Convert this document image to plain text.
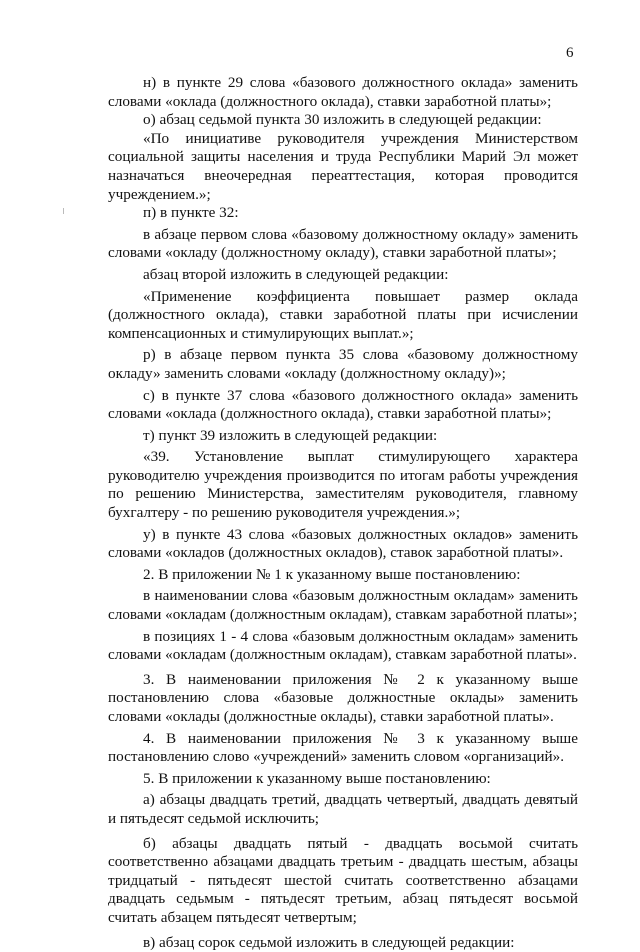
6

н) в пункте 29 слова «базового должностного оклада» заменить словами «оклада (должностного оклада), ставки заработной платы»;

о) абзац седьмой пункта 30 изложить в следующей редакции:

«По инициативе руководителя учреждения Министерством социальной защиты населения и труда Республики Марий Эл может назначаться внеочередная переаттестация, которая проводится учреждением.»;

п) в пункте 32:

в абзаце первом слова «базовому должностному окладу» заменить словами «окладу (должностному окладу), ставки заработной платы»;

абзац второй изложить в следующей редакции:

«Применение коэффициента повышает размер оклада (должностного оклада), ставки заработной платы при исчислении компенсационных и стимулирующих выплат.»;

р) в абзаце первом пункта 35 слова «базовому должностному окладу» заменить словами «окладу (должностному окладу)»;

с) в пункте 37 слова «базового должностного оклада» заменить словами «оклада (должностного оклада), ставки заработной платы»;

т) пункт 39 изложить в следующей редакции:

«39. Установление выплат стимулирующего характера руководителю учреждения производится по итогам работы учреждения по решению Министерства, заместителям руководителя, главному бухгалтеру - по решению руководителя учреждения.»;

у) в пункте 43 слова «базовых должностных окладов» заменить словами «окладов (должностных окладов), ставок заработной платы».

2. В приложении № 1 к указанному выше постановлению:

в наименовании слова «базовым должностным окладам» заменить словами «окладам (должностным окладам), ставкам заработной платы»;

в позициях 1 - 4 слова «базовым должностным окладам» заменить словами «окладам (должностным окладам), ставкам заработной платы».

3. В наименовании приложения № 2 к указанному выше постановлению слова «базовые должностные оклады» заменить словами «оклады (должностные оклады), ставки заработной платы».

4. В наименовании приложения № 3 к указанному выше постановлению слово «учреждений» заменить словом «организаций».

5. В приложении к указанному выше постановлению:

а) абзацы двадцать третий, двадцать четвертый, двадцать девятый и пятьдесят седьмой исключить;

б) абзацы двадцать пятый - двадцать восьмой считать соответственно абзацами двадцать третьим - двадцать шестым, абзацы тридцатый - пятьдесят шестой считать соответственно абзацами двадцать седьмым - пятьдесят третьим, абзац пятьдесят восьмой считать абзацем пятьдесят четвертым;

в) абзац сорок седьмой изложить в следующей редакции:
